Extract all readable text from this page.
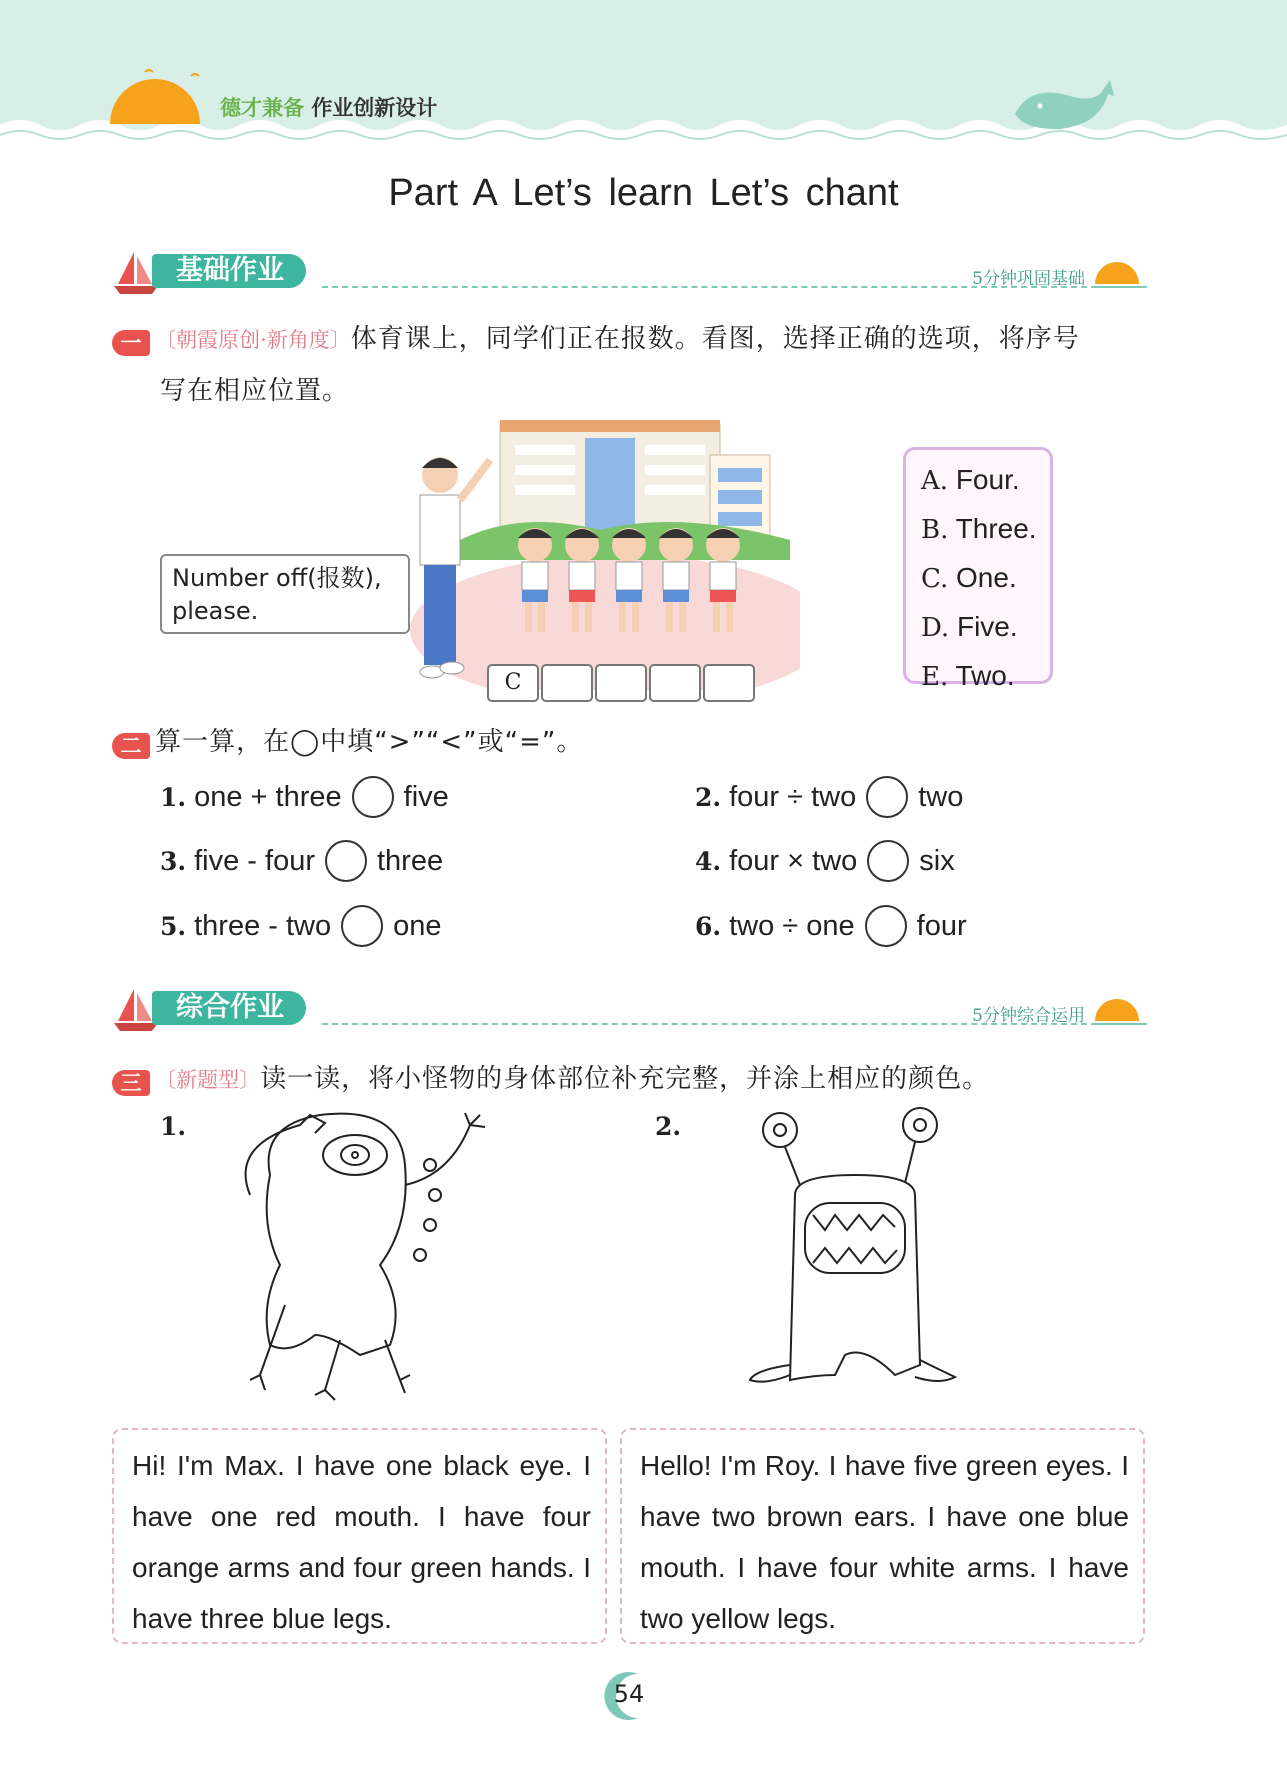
德才兼备 作业创新设计
Part A Let’s learn Let’s chant
基础作业	5分钟巩固基础
一 〔朝霞原创·新角度〕体育课上，同学们正在报数。看图，选择正确的选项，将序号
写在相应位置。
Number off(报数),
please.
C
A. Four.
B. Three.
C. One.
D. Five.
E. Two.
二 算一算，在◯中填“>”“<”或“=”。
1. one + three five	2. four ÷ two two
3. five - four three	4. four × two six
5. three - two one	6. two ÷ one four
综合作业	5分钟综合运用
三 〔新题型〕读一读，将小怪物的身体部位补充完整，并涂上相应的颜色。
1.	2.
Hi! I'm Max. I have one black eye. I have one red mouth. I have four orange arms and four green hands. I have three blue legs.
Hello! I'm Roy. I have five green eyes. I have two brown ears. I have one blue mouth. I have four white arms. I have two yellow legs.
54
